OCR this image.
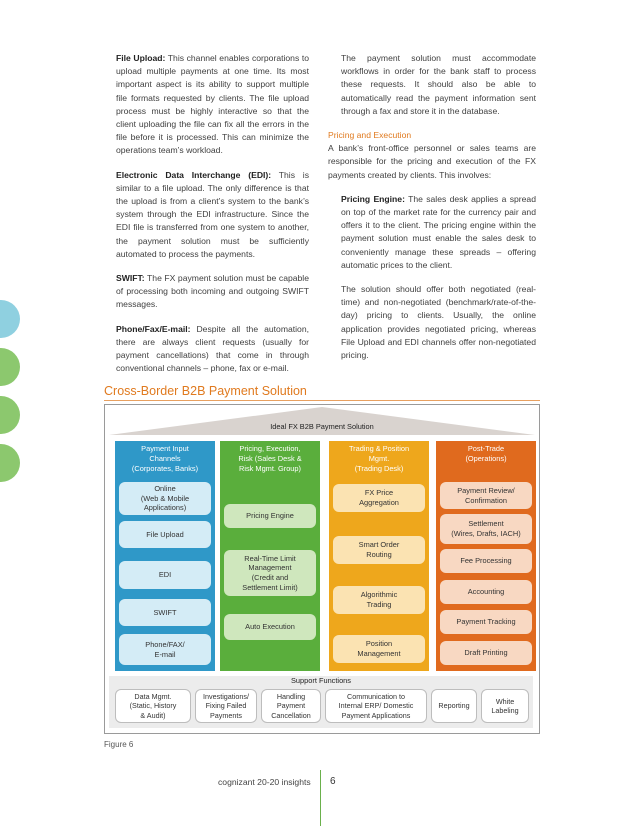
File Upload: This channel enables corporations to upload multiple payments at one time. Its most important aspect is its ability to support multiple file formats requested by clients. The file upload process must be highly interactive so that the client uploading the file can fix all the errors in the file before it is processed. This can minimize the operations team’s workload.

Electronic Data Interchange (EDI): This is similar to a file upload. The only difference is that the upload is from a client’s system to the bank’s system through the EDI infrastructure. Since the EDI file is transferred from one system to another, the payment solution must be sufficiently automated to process the payments.

SWIFT: The FX payment solution must be capable of processing both incoming and outgoing SWIFT messages.

Phone/Fax/E-mail: Despite all the automation, there are always client requests (usually for payment cancellations) that come in through conventional channels – phone, fax or e-mail.

The payment solution must accommodate workflows in order for the bank staff to process these requests. It should also be able to automatically read the payment information sent through a fax and store it in the database.

Pricing and Execution

A bank’s front-office personnel or sales teams are responsible for the pricing and execution of the FX payments created by clients. This involves:

Pricing Engine: The sales desk applies a spread on top of the market rate for the currency pair and offers it to the client. The pricing engine within the payment solution must enable the sales desk to conveniently manage these spreads – offering automatic prices to the client.

The solution should offer both negotiated (real-time) and non-negotiated (benchmark/rate-of-the-day) pricing to clients. Usually, the online application provides negotiated pricing, whereas File Upload and EDI channels offer non-negotiated pricing.

Cross-Border B2B Payment Solution
Ideal FX B2B Payment Solution
Payment Input
Channels
(Corporates, Banks)
Online
(Web & Mobile
Applications)
File Upload
EDI
SWIFT
Phone/FAX/
E-mail
Pricing, Execution,
Risk (Sales Desk &
Risk Mgmt. Group)
Pricing Engine
Real-Time Limit
Management
(Credit and
Settlement Limit)
Auto Execution
Trading & Position
Mgmt.
(Trading Desk)
FX Price
Aggregation
Smart Order
Routing
Algorithmic
Trading
Position
Management
Post-Trade
(Operations)
Payment Review/
Confirmation
Settlement
(Wires, Drafts, IACH)
Fee Processing
Accounting
Payment Tracking
Draft Printing
Support Functions
Data Mgmt.
(Static, History
& Audit)
Investigations/
Fixing Failed
Payments
Handling
Payment
Cancellation
Communication to
Internal ERP/ Domestic
Payment Applications
Reporting
White
Labeling
Figure 6
cognizant 20-20 insights 6
